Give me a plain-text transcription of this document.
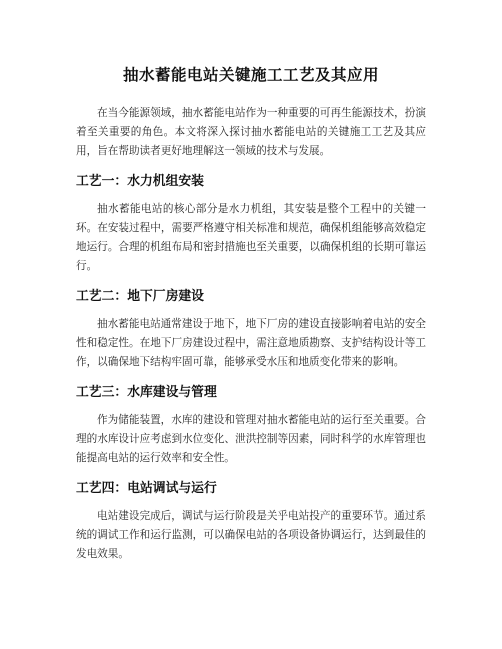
抽水蓄能电站关键施工工艺及其应用

在当今能源领域，抽水蓄能电站作为一种重要的可再生能源技术，扮演着至关重要的角色。本文将深入探讨抽水蓄能电站的关键施工工艺及其应用，旨在帮助读者更好地理解这一领域的技术与发展。

工艺一：水力机组安装

抽水蓄能电站的核心部分是水力机组，其安装是整个工程中的关键一环。在安装过程中，需要严格遵守相关标准和规范，确保机组能够高效稳定地运行。合理的机组布局和密封措施也至关重要，以确保机组的长期可靠运行。

工艺二：地下厂房建设

抽水蓄能电站通常建设于地下，地下厂房的建设直接影响着电站的安全性和稳定性。在地下厂房建设过程中，需注意地质勘察、支护结构设计等工作，以确保地下结构牢固可靠，能够承受水压和地质变化带来的影响。

工艺三：水库建设与管理

作为储能装置，水库的建设和管理对抽水蓄能电站的运行至关重要。合理的水库设计应考虑到水位变化、泄洪控制等因素，同时科学的水库管理也能提高电站的运行效率和安全性。

工艺四：电站调试与运行

电站建设完成后，调试与运行阶段是关乎电站投产的重要环节。通过系统的调试工作和运行监测，可以确保电站的各项设备协调运行，达到最佳的发电效果。
